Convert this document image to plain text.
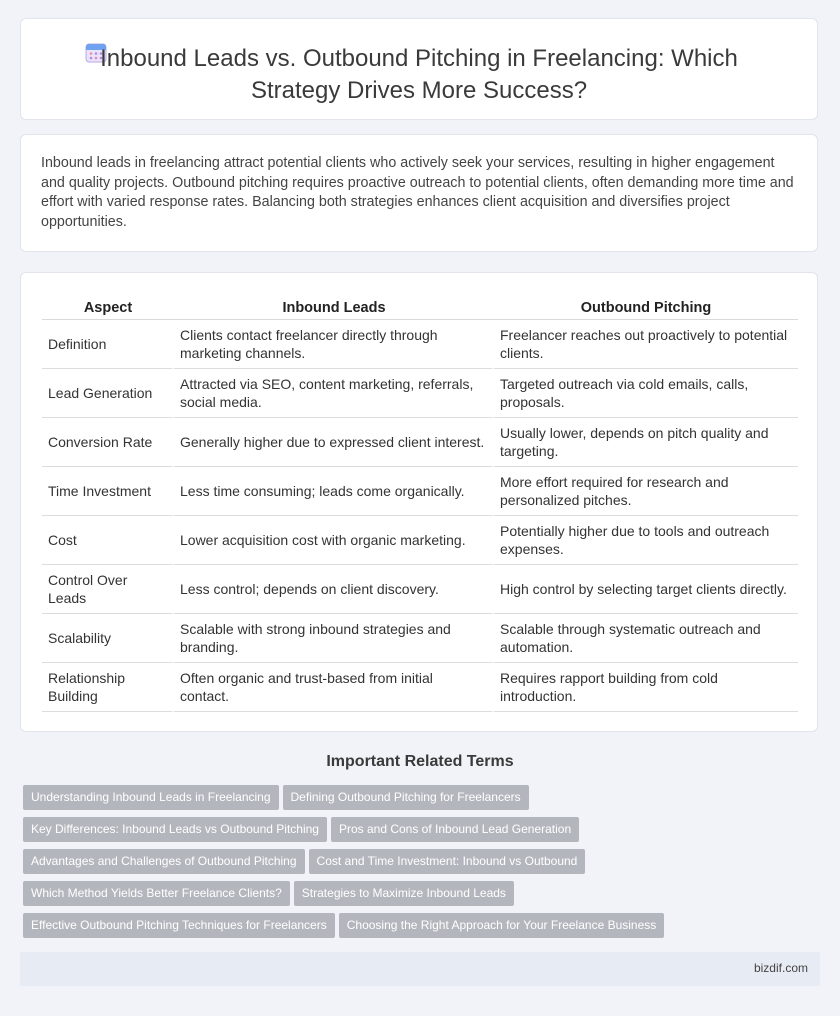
Inbound Leads vs. Outbound Pitching in Freelancing: Which Strategy Drives More Success?

Inbound leads in freelancing attract potential clients who actively seek your services, resulting in higher engagement and quality projects. Outbound pitching requires proactive outreach to potential clients, often demanding more time and effort with varied response rates. Balancing both strategies enhances client acquisition and diversifies project opportunities.

Aspect	Inbound Leads	Outbound Pitching
Definition	Clients contact freelancer directly through marketing channels.	Freelancer reaches out proactively to potential clients.
Lead Generation	Attracted via SEO, content marketing, referrals, social media.	Targeted outreach via cold emails, calls, proposals.
Conversion Rate	Generally higher due to expressed client interest.	Usually lower, depends on pitch quality and targeting.
Time Investment	Less time consuming; leads come organically.	More effort required for research and personalized pitches.
Cost	Lower acquisition cost with organic marketing.	Potentially higher due to tools and outreach expenses.
Control Over Leads	Less control; depends on client discovery.	High control by selecting target clients directly.
Scalability	Scalable with strong inbound strategies and branding.	Scalable through systematic outreach and automation.
Relationship Building	Often organic and trust-based from initial contact.	Requires rapport building from cold introduction.
Important Related Terms
Understanding Inbound Leads in Freelancing Defining Outbound Pitching for Freelancers
Key Differences: Inbound Leads vs Outbound Pitching Pros and Cons of Inbound Lead Generation
Advantages and Challenges of Outbound Pitching Cost and Time Investment: Inbound vs Outbound
Which Method Yields Better Freelance Clients? Strategies to Maximize Inbound Leads
Effective Outbound Pitching Techniques for Freelancers Choosing the Right Approach for Your Freelance Business
bizdif.com
